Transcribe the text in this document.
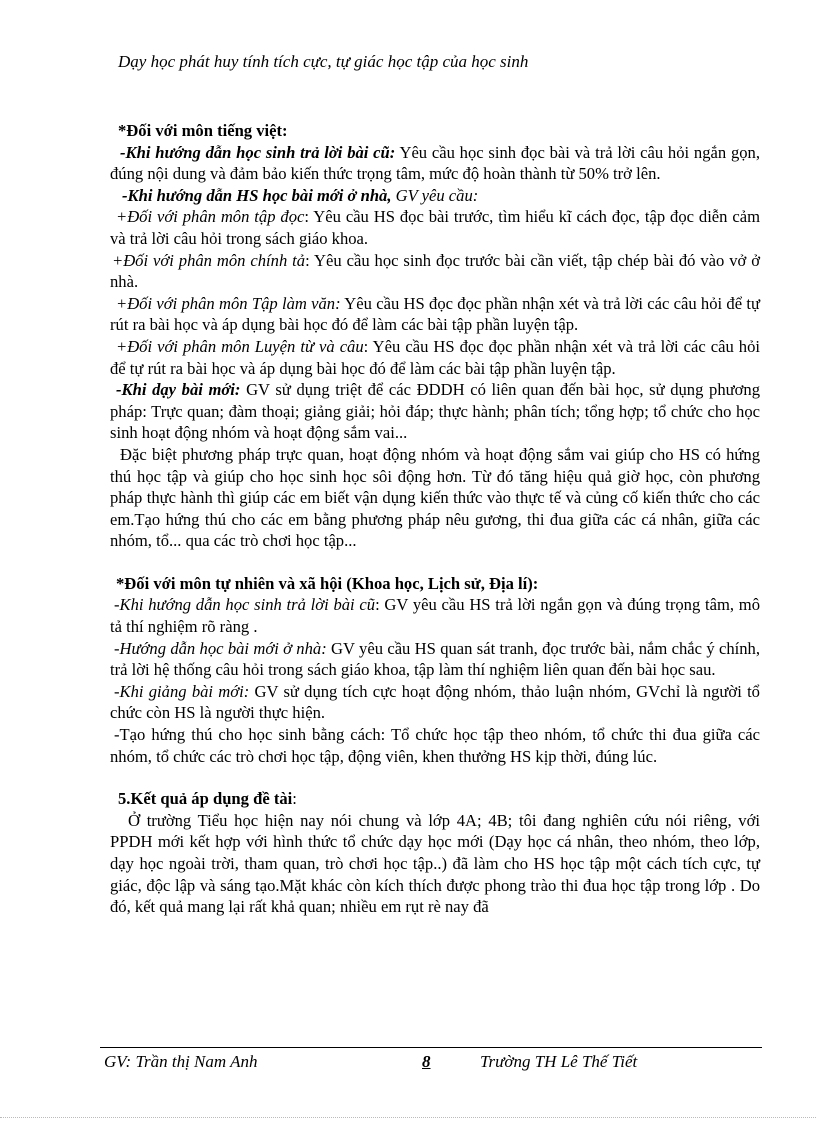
Dạy học phát huy tính tích cực, tự giác học tập của học sinh

*Đối với môn tiếng việt:

-Khi hướng dẫn học sinh trả lời bài cũ: Yêu cầu học sinh đọc bài và trả lời câu hỏi ngắn gọn, đúng nội dung và đảm bảo kiến thức trọng tâm, mức độ hoàn thành từ 50% trở lên.

-Khi hướng dẫn HS học bài mới ở nhà, GV yêu cầu:

+Đối với phân môn tập đọc: Yêu cầu HS đọc bài trước, tìm hiểu kĩ cách đọc, tập đọc diễn cảm và trả lời câu hỏi trong sách giáo khoa.

+Đối với phân môn chính tả: Yêu cầu học sinh đọc trước bài cần viết, tập chép bài đó vào vở ở nhà.

+Đối với phân môn Tập làm văn: Yêu cầu HS đọc đọc phần nhận xét và trả lời các câu hỏi để tự rút ra bài học và áp dụng bài học đó để làm các bài tập phần luyện tập.

+Đối với phân môn Luyện từ và câu: Yêu cầu HS đọc đọc phần nhận xét và trả lời các câu hỏi để tự rút ra bài học và áp dụng bài học đó để làm các bài tập phần luyện tập.

-Khi dạy bài mới: GV sử dụng triệt để các ĐDDH có liên quan đến bài học, sử dụng phương pháp: Trực quan; đàm thoại; giảng giải; hỏi đáp; thực hành; phân tích; tổng hợp; tổ chức cho học sinh hoạt động nhóm và hoạt động sắm vai...

Đặc biệt phương pháp trực quan, hoạt động nhóm và hoạt động sắm vai giúp cho HS có hứng thú học tập và giúp cho học sinh học sôi động hơn. Từ đó tăng hiệu quả giờ học, còn phương pháp thực hành thì giúp các em biết vận dụng kiến thức vào thực tế và củng cố kiến thức cho các em.Tạo hứng thú cho các em bằng phương pháp nêu gương, thi đua giữa các cá nhân, giữa các nhóm, tổ... qua các trò chơi học tập...

*Đối với môn tự nhiên và xã hội (Khoa học, Lịch sử, Địa lí):

-Khi hướng dẫn học sinh trả lời bài cũ: GV yêu cầu HS trả lời ngắn gọn và đúng trọng tâm, mô tả thí nghiệm rõ ràng .

-Hướng dẫn học bài mới ở nhà: GV yêu cầu HS quan sát tranh, đọc trước bài, nắm chắc ý chính, trả lời hệ thống câu hỏi trong sách giáo khoa, tập làm thí nghiệm liên quan đến bài học sau.

-Khi giảng bài mới: GV sử dụng tích cực hoạt động nhóm, thảo luận nhóm, GVchỉ là người tổ chức còn HS là người thực hiện.

-Tạo hứng thú cho học sinh bằng cách: Tổ chức học tập theo nhóm, tổ chức thi đua giữa các nhóm, tổ chức các trò chơi học tập, động viên, khen thưởng HS kịp thời, đúng lúc.

5.Kết quả áp dụng đề tài:

Ở trường Tiểu học hiện nay nói chung và lớp 4A; 4B; tôi đang nghiên cứu nói riêng, với PPDH mới kết hợp với hình thức tổ chức dạy học mới (Dạy học cá nhân, theo nhóm, theo lớp, dạy học ngoài trời, tham quan, trò chơi học tập..) đã làm cho HS học tập một cách tích cực, tự giác, độc lập và sáng tạo.Mặt khác còn kích thích được phong trào thi đua học tập trong lớp . Do đó, kết quả mang lại rất khả quan; nhiều em rụt rè nay đã

GV: Trần thị Nam Anh	8	Trường TH Lê Thế Tiết
